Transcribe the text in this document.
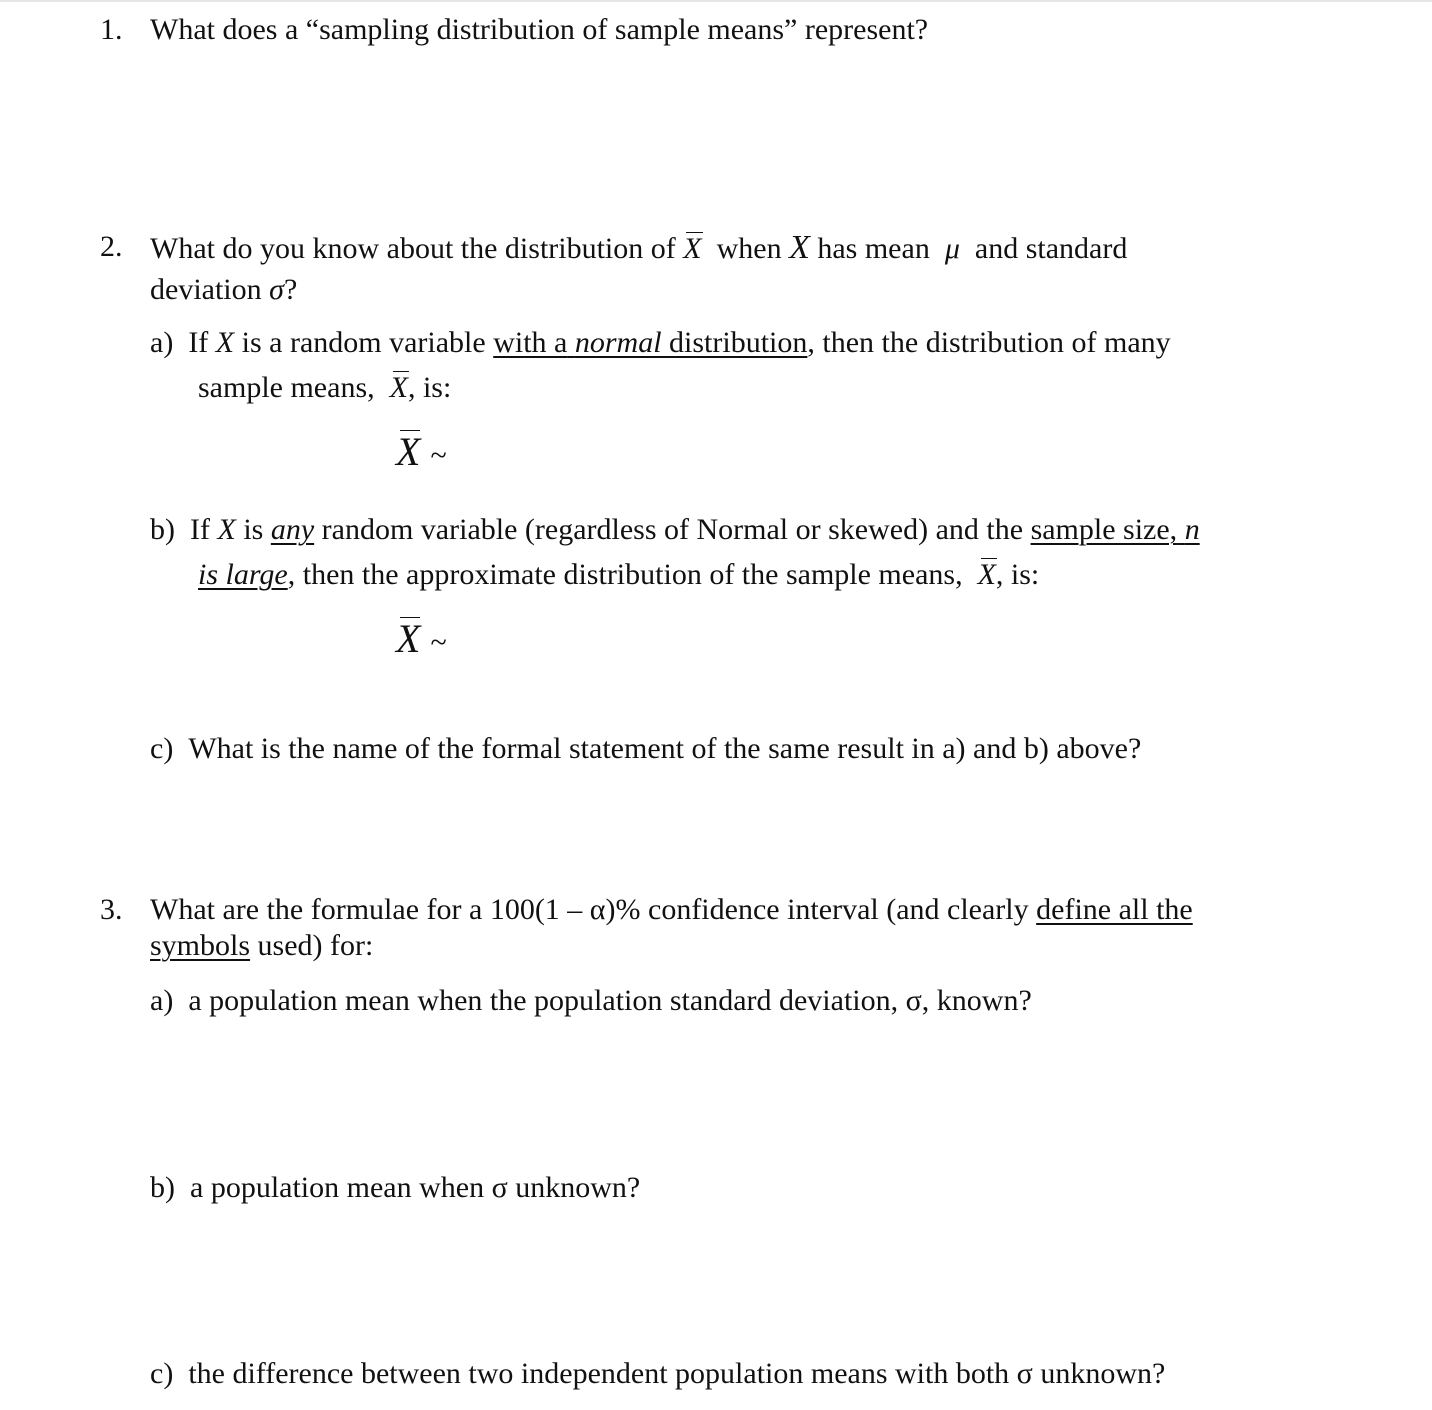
1. What does a “sampling distribution of sample means” represent?
2. What do you know about the distribution of X when X has mean μ and standard
deviation σ?
a) If X is a random variable with a normal distribution, then the distribution of many
sample means, X, is:
X ~
b) If X is any random variable (regardless of Normal or skewed) and the sample size, n
is large, then the approximate distribution of the sample means, X, is:
X ~
c) What is the name of the formal statement of the same result in a) and b) above?
3. What are the formulae for a 100(1 – α)% confidence interval (and clearly define all the
symbols used) for:
a) a population mean when the population standard deviation, σ, known?
b) a population mean when σ unknown?
c) the difference between two independent population means with both σ unknown?
